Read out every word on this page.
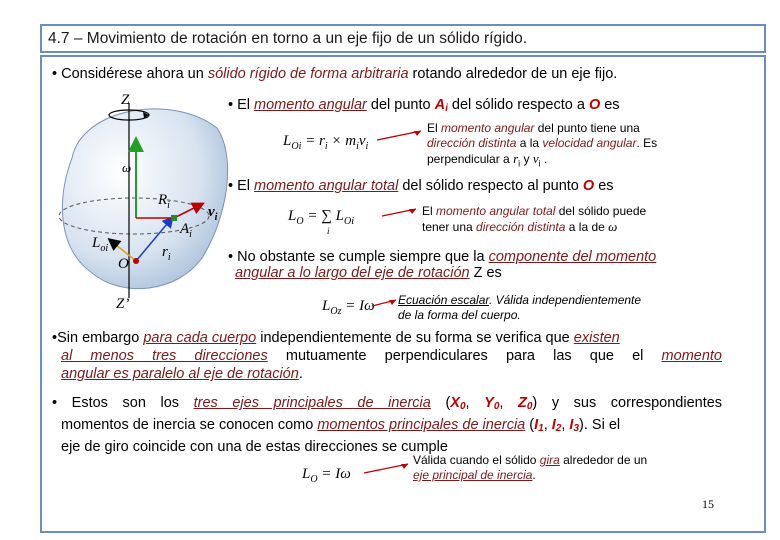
4.7 – Movimiento de rotación en torno a un eje fijo de un sólido rígido.
• Considérese ahora un sólido rígido de forma arbitraria rotando alrededor de un eje fijo.
Z
Z’
O
$R_i$
$A_i$
$v_i$
$L_{oi}$	$r_i$
ω
• El momento angular del punto Ai del sólido respecto a O es
$L_{Oi} = r_i \times m_iv_i$
El momento angular del punto tiene una
dirección distinta a la velocidad angular. Es
perpendicular a $r_i$ y $v_i$ .
• El momento angular total del sólido respecto al punto O es
$L_O$ = ∑ $L_{Oi}$
i
El momento angular total del sólido puede
tener una dirección distinta a la de ω
• No obstante se cumple siempre que la componente del momento
angular a lo largo del eje de rotación Z es
$L_{Oz} = I\omega$ Ecuación escalar. Válida independientemente
de la forma del cuerpo.
•Sin embargo para cada cuerpo independientemente de su forma se verifica que existen
al menos tres direcciones mutuamente perpendiculares para las que el momento
angular es paralelo al eje de rotación.
• Estos son los tres ejes principales de inercia (X0, Y0, Z0) y sus correspondientes
momentos de inercia se conocen como momentos principales de inercia (I1, I2, I3). Si el
eje de giro coincide con una de estas direcciones se cumple
$L_O = I\omega$
Válida cuando el sólido gira alrededor de un
eje principal de inercia.
15
